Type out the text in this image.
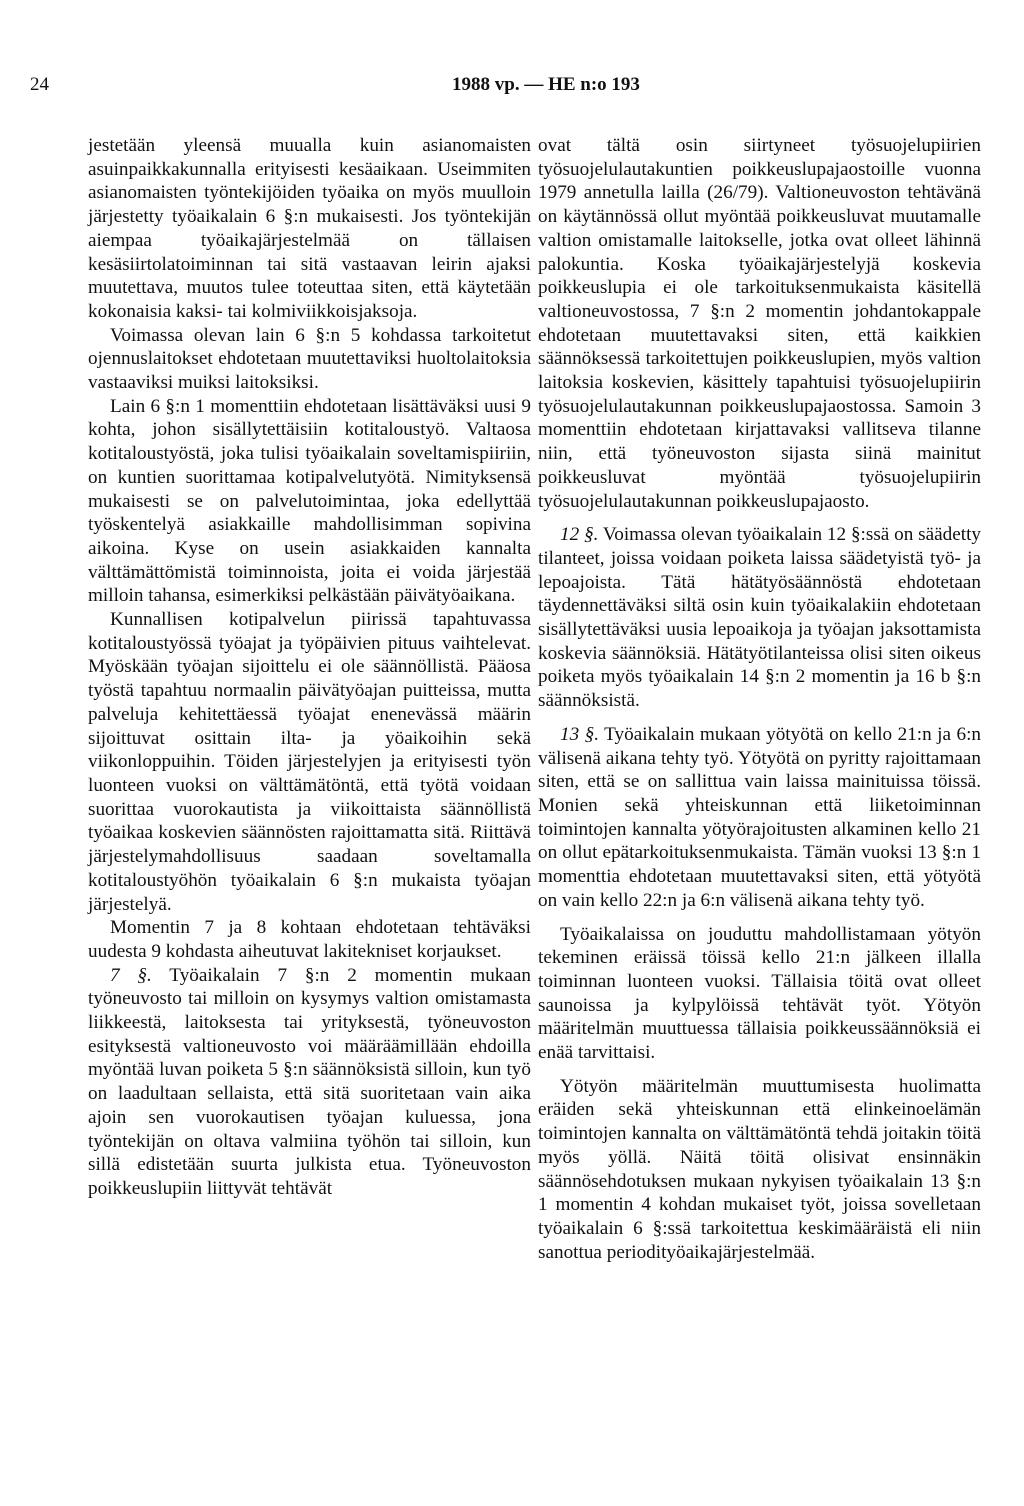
24	1988 vp. — HE n:o 193

jestetään yleensä muualla kuin asianomaisten asuinpaikkakunnalla erityisesti kesäaikaan. Useimmiten asianomaisten työntekijöiden työaika on myös muulloin järjestetty työaikalain 6 §:n mukaisesti. Jos työntekijän aiempaa työaikajärjestelmää on tällaisen kesäsiirtolatoiminnan tai sitä vastaavan leirin ajaksi muutettava, muutos tulee toteuttaa siten, että käytetään kokonaisia kaksi- tai kolmiviikkoisjaksoja.

Voimassa olevan lain 6 §:n 5 kohdassa tarkoitetut ojennuslaitokset ehdotetaan muutettaviksi huoltolaitoksia vastaaviksi muiksi laitoksiksi.

Lain 6 §:n 1 momenttiin ehdotetaan lisättäväksi uusi 9 kohta, johon sisällytettäisiin kotitaloustyö. Valtaosa kotitaloustyöstä, joka tulisi työaikalain soveltamispiiriin, on kuntien suorittamaa kotipalvelutyötä. Nimityksensä mukaisesti se on palvelutoimintaa, joka edellyttää työskentelyä asiakkaille mahdollisimman sopivina aikoina. Kyse on usein asiakkaiden kannalta välttämättömistä toiminnoista, joita ei voida järjestää milloin tahansa, esimerkiksi pelkästään päivätyöaikana.

Kunnallisen kotipalvelun piirissä tapahtuvassa kotitaloustyössä työajat ja työpäivien pituus vaihtelevat. Myöskään työajan sijoittelu ei ole säännöllistä. Pääosa työstä tapahtuu normaalin päivätyöajan puitteissa, mutta palveluja kehitettäessä työajat enenevässä määrin sijoittuvat osittain ilta- ja yöaikoihin sekä viikonloppuihin. Töiden järjestelyjen ja erityisesti työn luonteen vuoksi on välttämätöntä, että työtä voidaan suorittaa vuorokautista ja viikoittaista säännöllistä työaikaa koskevien säännösten rajoittamatta sitä. Riittävä järjestelymahdollisuus saadaan soveltamalla kotitaloustyöhön työaikalain 6 §:n mukaista työajan järjestelyä.

Momentin 7 ja 8 kohtaan ehdotetaan tehtäväksi uudesta 9 kohdasta aiheutuvat lakitekniset korjaukset.

7 §. Työaikalain 7 §:n 2 momentin mukaan työneuvosto tai milloin on kysymys valtion omistamasta liikkeestä, laitoksesta tai yrityksestä, työneuvoston esityksestä valtioneuvosto voi määräämillään ehdoilla myöntää luvan poiketa 5 §:n säännöksistä silloin, kun työ on laadultaan sellaista, että sitä suoritetaan vain aika ajoin sen vuorokautisen työajan kuluessa, jona työntekijän on oltava valmiina työhön tai silloin, kun sillä edistetään suurta julkista etua. Työneuvoston poikkeuslupiin liittyvät tehtävät

ovat tältä osin siirtyneet työsuojelupiirien työsuojelulautakuntien poikkeuslupajaostoille vuonna 1979 annetulla lailla (26/79). Valtioneuvoston tehtävänä on käytännössä ollut myöntää poikkeusluvat muutamalle valtion omistamalle laitokselle, jotka ovat olleet lähinnä palokuntia. Koska työaikajärjestelyjä koskevia poikkeuslupia ei ole tarkoituksenmukaista käsitellä valtioneuvostossa, 7 §:n 2 momentin johdantokappale ehdotetaan muutettavaksi siten, että kaikkien säännöksessä tarkoitettujen poikkeuslupien, myös valtion laitoksia koskevien, käsittely tapahtuisi työsuojelupiirin työsuojelulautakunnan poikkeuslupajaostossa. Samoin 3 momenttiin ehdotetaan kirjattavaksi vallitseva tilanne niin, että työneuvoston sijasta siinä mainitut poikkeusluvat myöntää työsuojelupiirin työsuojelulautakunnan poikkeuslupajaosto.

12 §. Voimassa olevan työaikalain 12 §:ssä on säädetty tilanteet, joissa voidaan poiketa laissa säädetyistä työ- ja lepoajoista. Tätä hätätyösäännöstä ehdotetaan täydennettäväksi siltä osin kuin työaikalakiin ehdotetaan sisällytettäväksi uusia lepoaikoja ja työajan jaksottamista koskevia säännöksiä. Hätätyötilanteissa olisi siten oikeus poiketa myös työaikalain 14 §:n 2 momentin ja 16 b §:n säännöksistä.

13 §. Työaikalain mukaan yötyötä on kello 21:n ja 6:n välisenä aikana tehty työ. Yötyötä on pyritty rajoittamaan siten, että se on sallittua vain laissa mainituissa töissä. Monien sekä yhteiskunnan että liiketoiminnan toimintojen kannalta yötyörajoitusten alkaminen kello 21 on ollut epätarkoituksenmukaista. Tämän vuoksi 13 §:n 1 momenttia ehdotetaan muutettavaksi siten, että yötyötä on vain kello 22:n ja 6:n välisenä aikana tehty työ.

Työaikalaissa on jouduttu mahdollistamaan yötyön tekeminen eräissä töissä kello 21:n jälkeen illalla toiminnan luonteen vuoksi. Tällaisia töitä ovat olleet saunoissa ja kylpylöissä tehtävät työt. Yötyön määritelmän muuttuessa tällaisia poikkeussäännöksiä ei enää tarvittaisi.

Yötyön määritelmän muuttumisesta huolimatta eräiden sekä yhteiskunnan että elinkeinoelämän toimintojen kannalta on välttämätöntä tehdä joitakin töitä myös yöllä. Näitä töitä olisivat ensinnäkin säännösehdotuksen mukaan nykyisen työaikalain 13 §:n 1 momentin 4 kohdan mukaiset työt, joissa sovelletaan työaikalain 6 §:ssä tarkoitettua keskimääräistä eli niin sanottua periodityöaikajärjestelmää.
